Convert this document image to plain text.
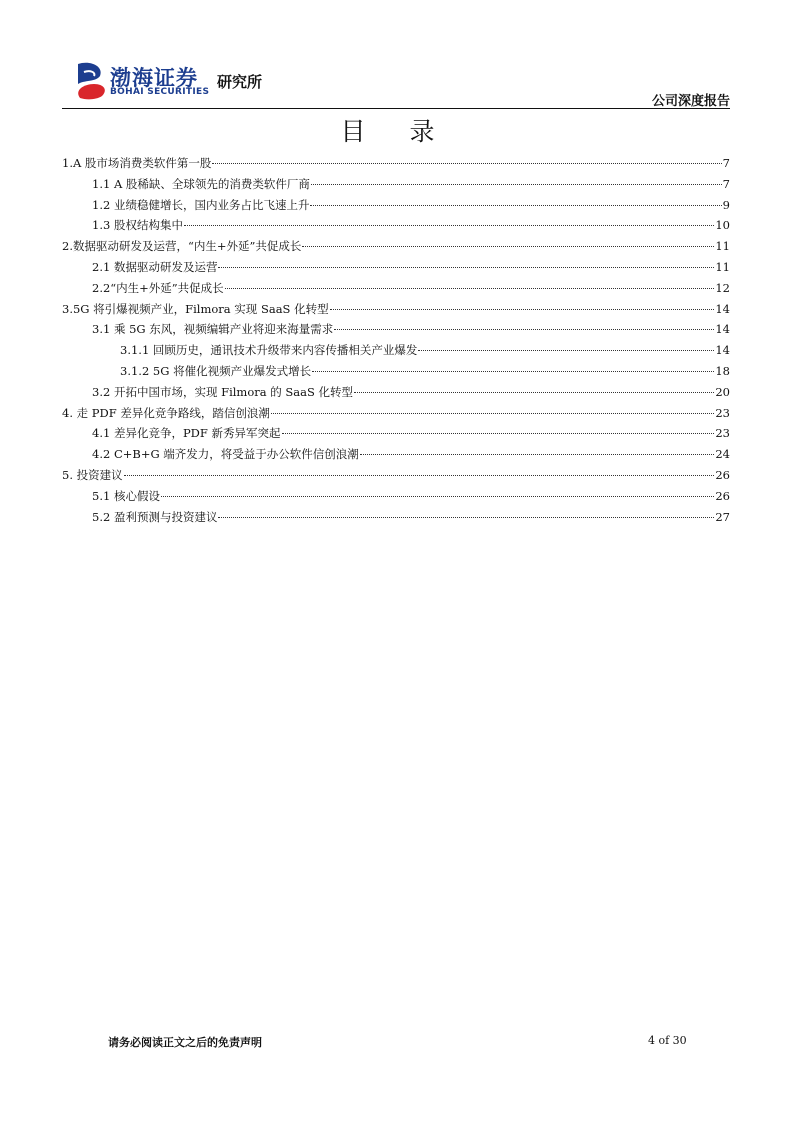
渤海证券
BOHAI SECURITIES
研究所
公司深度报告
目 录
1.A 股市场消费类软件第一股	7
1.1 A 股稀缺、全球领先的消费类软件厂商	7
1.2 业绩稳健增长，国内业务占比飞速上升	9
1.3 股权结构集中	10
2.数据驱动研发及运营，“内生+外延”共促成长	11
2.1 数据驱动研发及运营	11
2.2“内生+外延”共促成长	12
3.5G 将引爆视频产业，Filmora 实现 SaaS 化转型	14
3.1 乘 5G 东风，视频编辑产业将迎来海量需求	14
3.1.1 回顾历史，通讯技术升级带来内容传播相关产业爆发	14
3.1.2 5G 将催化视频产业爆发式增长	18
3.2 开拓中国市场，实现 Filmora 的 SaaS 化转型	20
4. 走 PDF 差异化竞争路线，踏信创浪潮	23
4.1 差异化竞争，PDF 新秀异军突起	23
4.2 C+B+G 端齐发力，将受益于办公软件信创浪潮	24
5. 投资建议	26
5.1 核心假设	26
5.2 盈利预测与投资建议	27
请务必阅读正文之后的免责声明	4 of 30
